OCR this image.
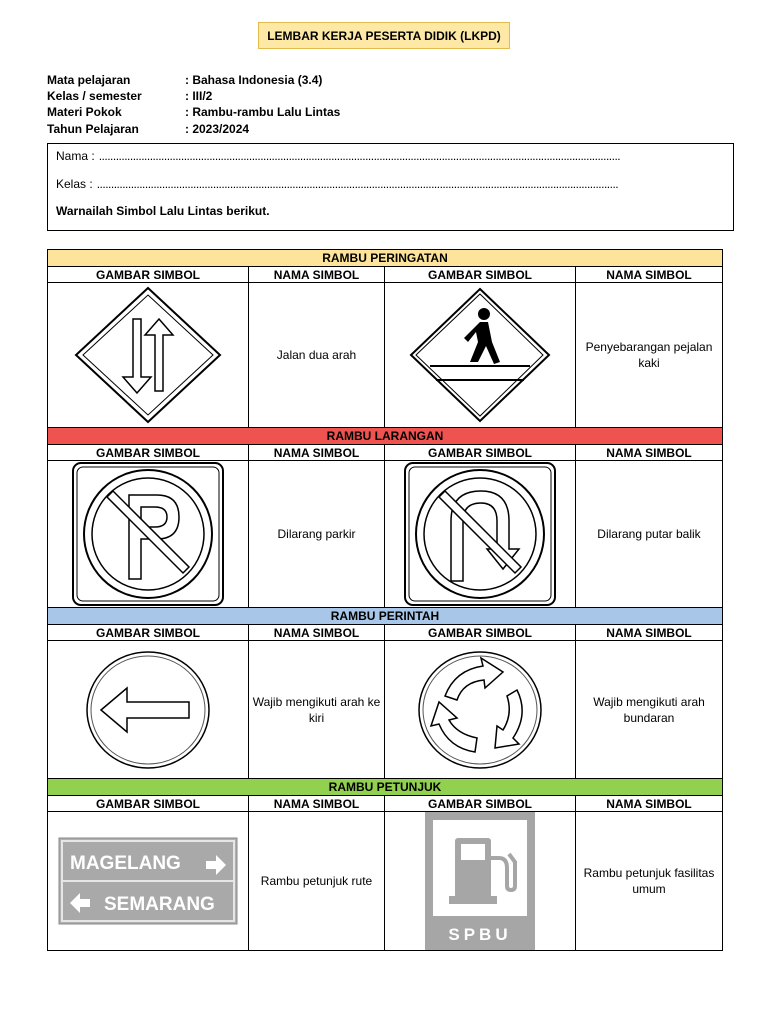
LEMBAR KERJA PESERTA DIDIK (LKPD)
Mata pelajaran	: Bahasa Indonesia (3.4)
Kelas / semester	: III/2
Materi Pokok	: Rambu-rambu Lalu Lintas
Tahun Pelajaran	: 2023/2024
Nama : ........................................................................................................................................................................................
Kelas : ........................................................................................................................................................................................
Warnailah Simbol Lalu Lintas berikut.
RAMBU PERINGATAN			
GAMBAR SIMBOL	NAMA SIMBOL	GAMBAR SIMBOL	NAMA SIMBOL

	Jalan dua arah		Penyebarangan pejalan kaki
RAMBU LARANGAN			
GAMBAR SIMBOL	NAMA SIMBOL	GAMBAR SIMBOL	NAMA SIMBOL

	Dilarang parkir		Dilarang putar balik
RAMBU PERINTAH			
GAMBAR SIMBOL	NAMA SIMBOL	GAMBAR SIMBOL	NAMA SIMBOL

	Wajib mengikuti arah ke kiri		Wajib mengikuti arah bundaran
RAMBU PETUNJUK			
GAMBAR SIMBOL	NAMA SIMBOL	GAMBAR SIMBOL	NAMA SIMBOL

MAGELANG
SEMARANG	Rambu petunjuk rute	SPBU	Rambu petunjuk fasilitas umum
